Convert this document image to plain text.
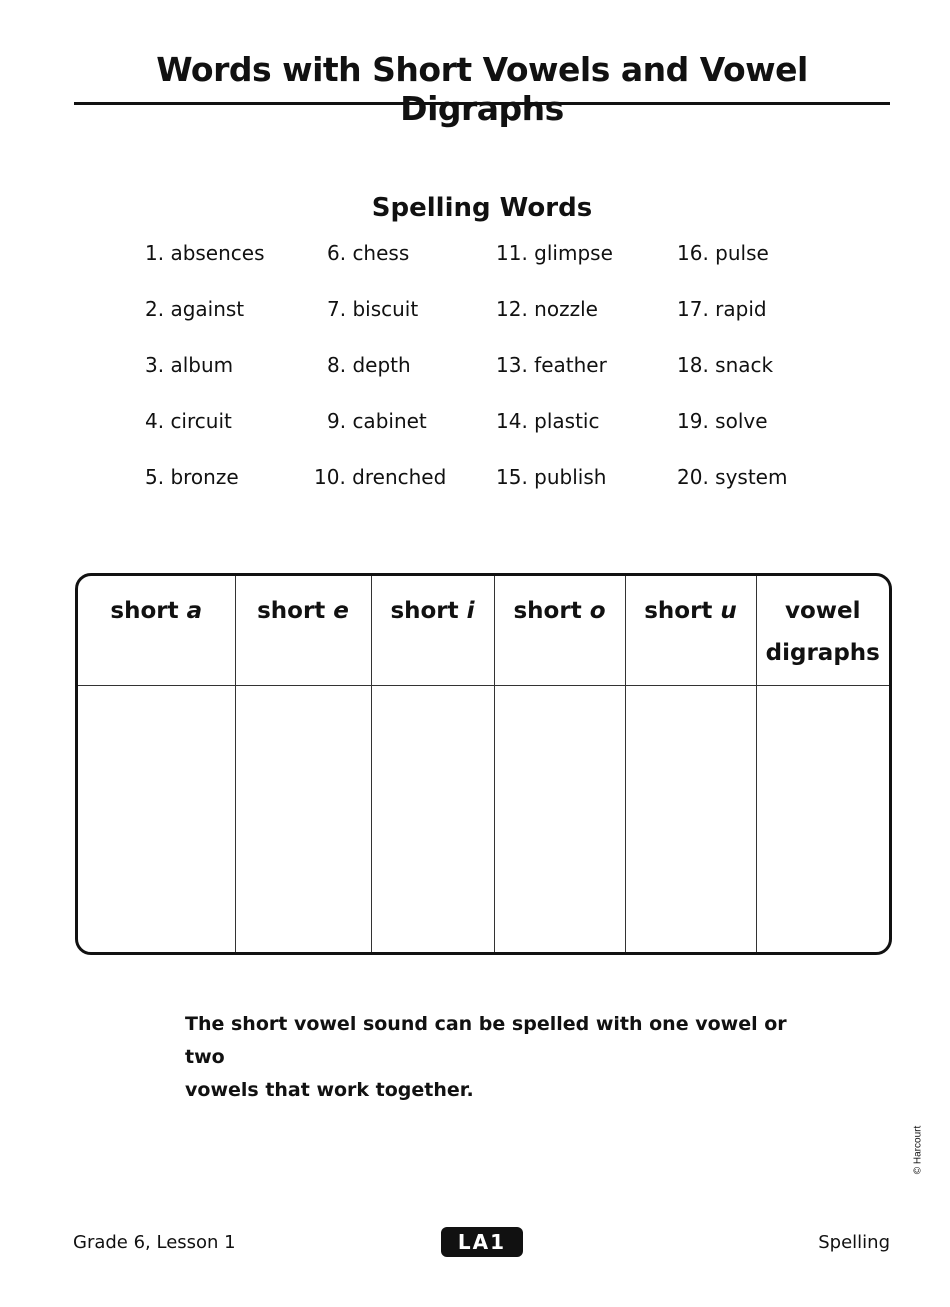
Words with Short Vowels and Vowel Digraphs
Spelling Words
1. absences
2. against
3. album
4. circuit
5. bronze
6. chess
7. biscuit
8. depth
9. cabinet
10. drenched
11. glimpse
12. nozzle
13. feather
14. plastic
15. publish
16. pulse
17. rapid
18. snack
19. solve
20. system
short a	short e	short i	short o	short u	vowel
digraphs

The short vowel sound can be spelled with one vowel or two
vowels that work together.
© Harcourt
Grade 6, Lesson 1	LA1	Spelling
